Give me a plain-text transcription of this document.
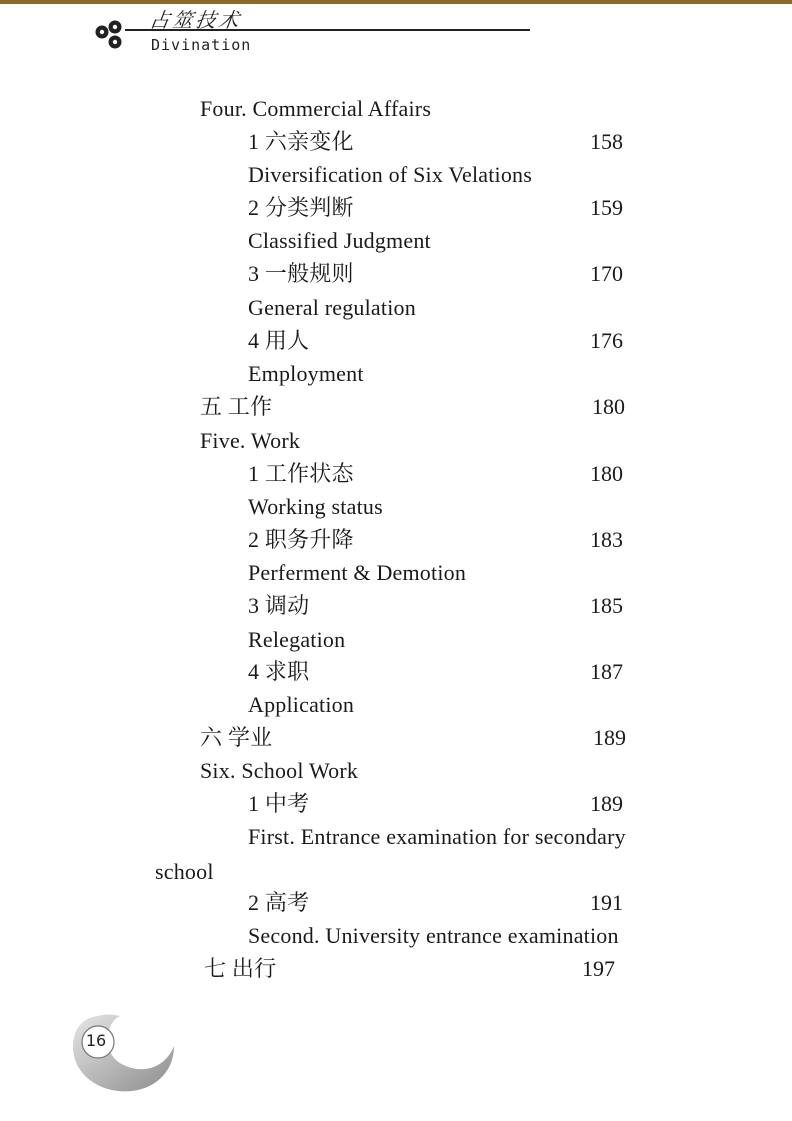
占筮技术
Divination
Four. Commercial Affairs
1 六亲变化	158
Diversification of Six Velations
2 分类判断	159
Classified Judgment
3 一般规则	170
General regulation
4 用人	176
Employment
五 工作	180
Five. Work
1 工作状态	180
Working status
2 职务升降	183
Perferment & Demotion
3 调动	185
Relegation
4 求职	187
Application
六 学业	189
Six. School Work
1 中考	189
First. Entrance examination for secondary
school
2 高考	191
Second. University entrance examination
七 出行	197
16
